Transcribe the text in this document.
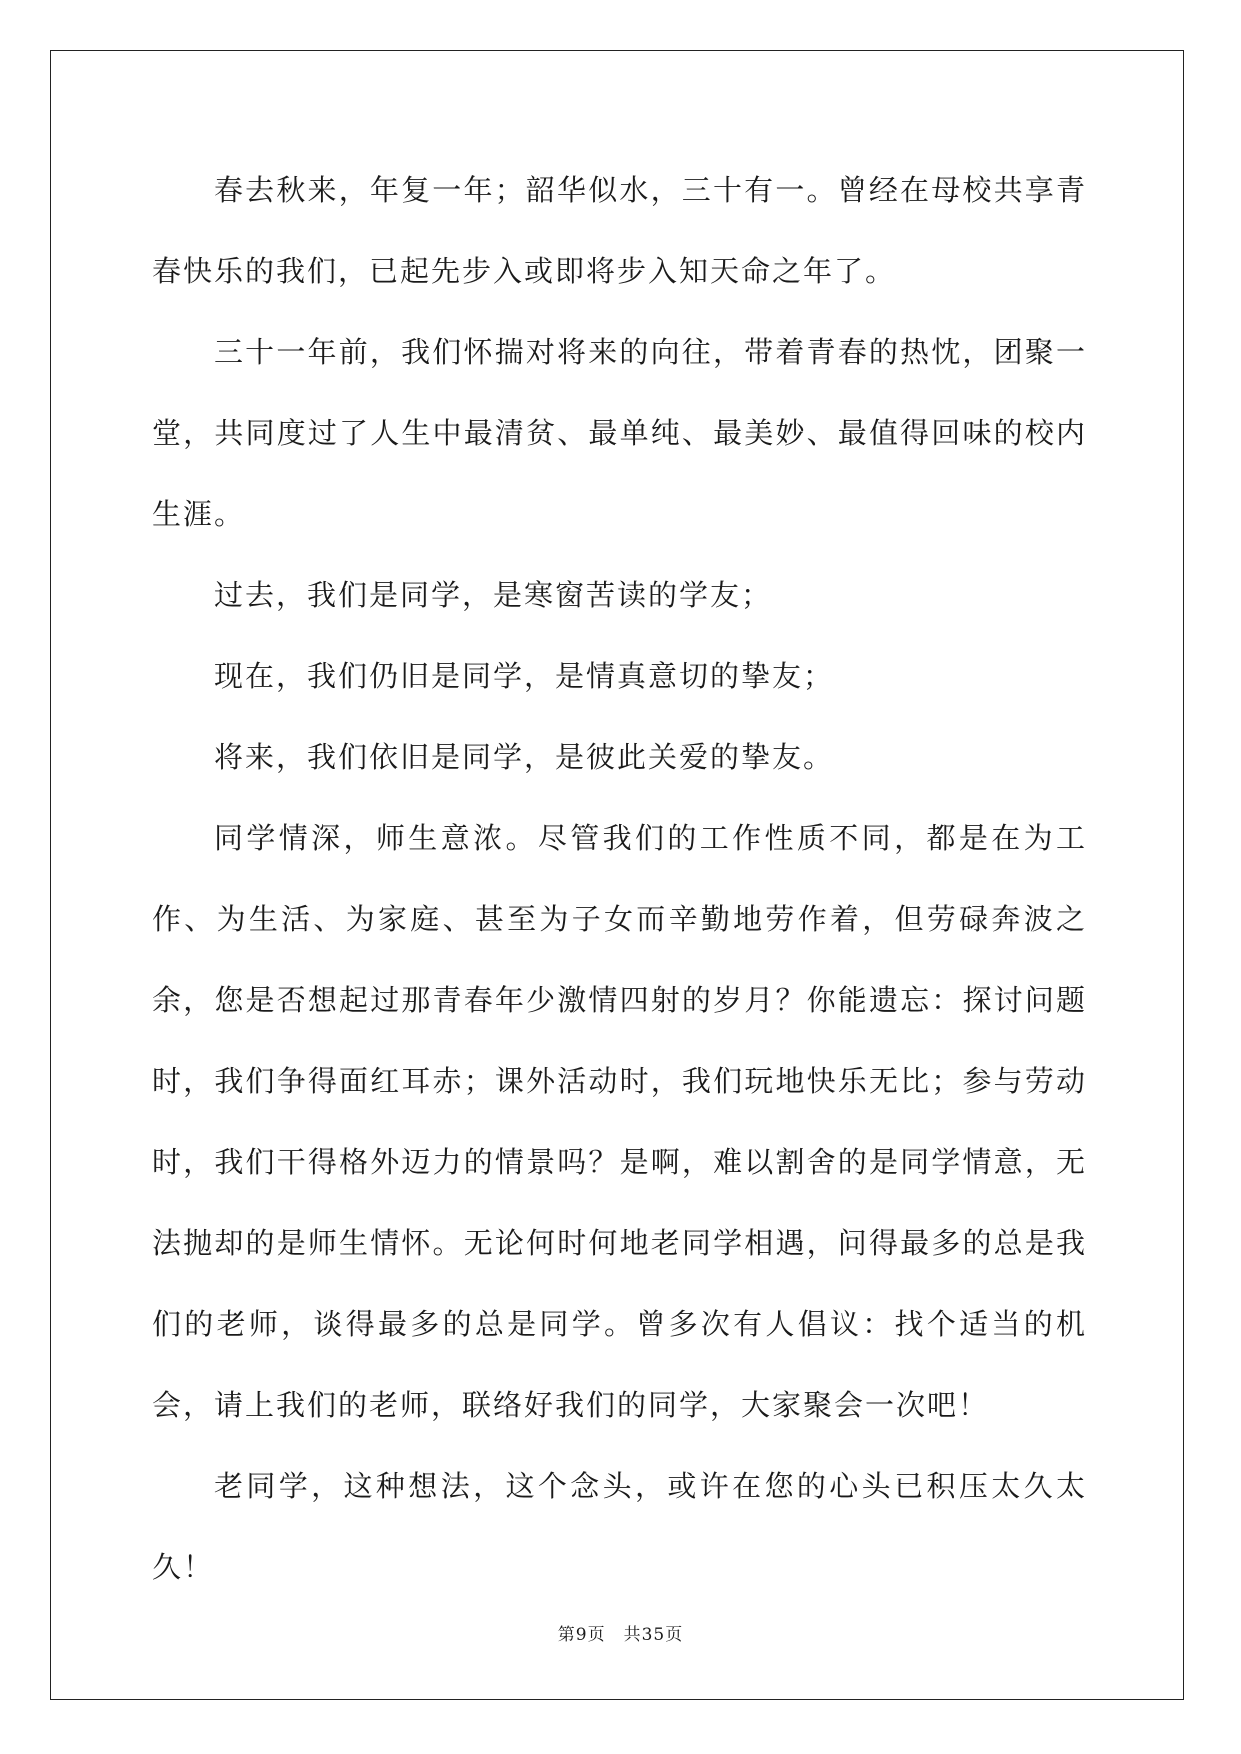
春去秋来，年复一年；韶华似水，三十有一。曾经在母校共享青春快乐的我们，已起先步入或即将步入知天命之年了。

三十一年前，我们怀揣对将来的向往，带着青春的热忱，团聚一堂，共同度过了人生中最清贫、最单纯、最美妙、最值得回味的校内生涯。

过去，我们是同学，是寒窗苦读的学友；

现在，我们仍旧是同学，是情真意切的挚友；

将来，我们依旧是同学，是彼此关爱的挚友。

同学情深，师生意浓。尽管我们的工作性质不同，都是在为工作、为生活、为家庭、甚至为子女而辛勤地劳作着，但劳碌奔波之余，您是否想起过那青春年少激情四射的岁月？你能遗忘：探讨问题时，我们争得面红耳赤；课外活动时，我们玩地快乐无比；参与劳动时，我们干得格外迈力的情景吗？是啊，难以割舍的是同学情意，无法抛却的是师生情怀。无论何时何地老同学相遇，问得最多的总是我们的老师，谈得最多的总是同学。曾多次有人倡议：找个适当的机会，请上我们的老师，联络好我们的同学，大家聚会一次吧！

老同学，这种想法，这个念头，或许在您的心头已积压太久太久！

第9页 共35页
